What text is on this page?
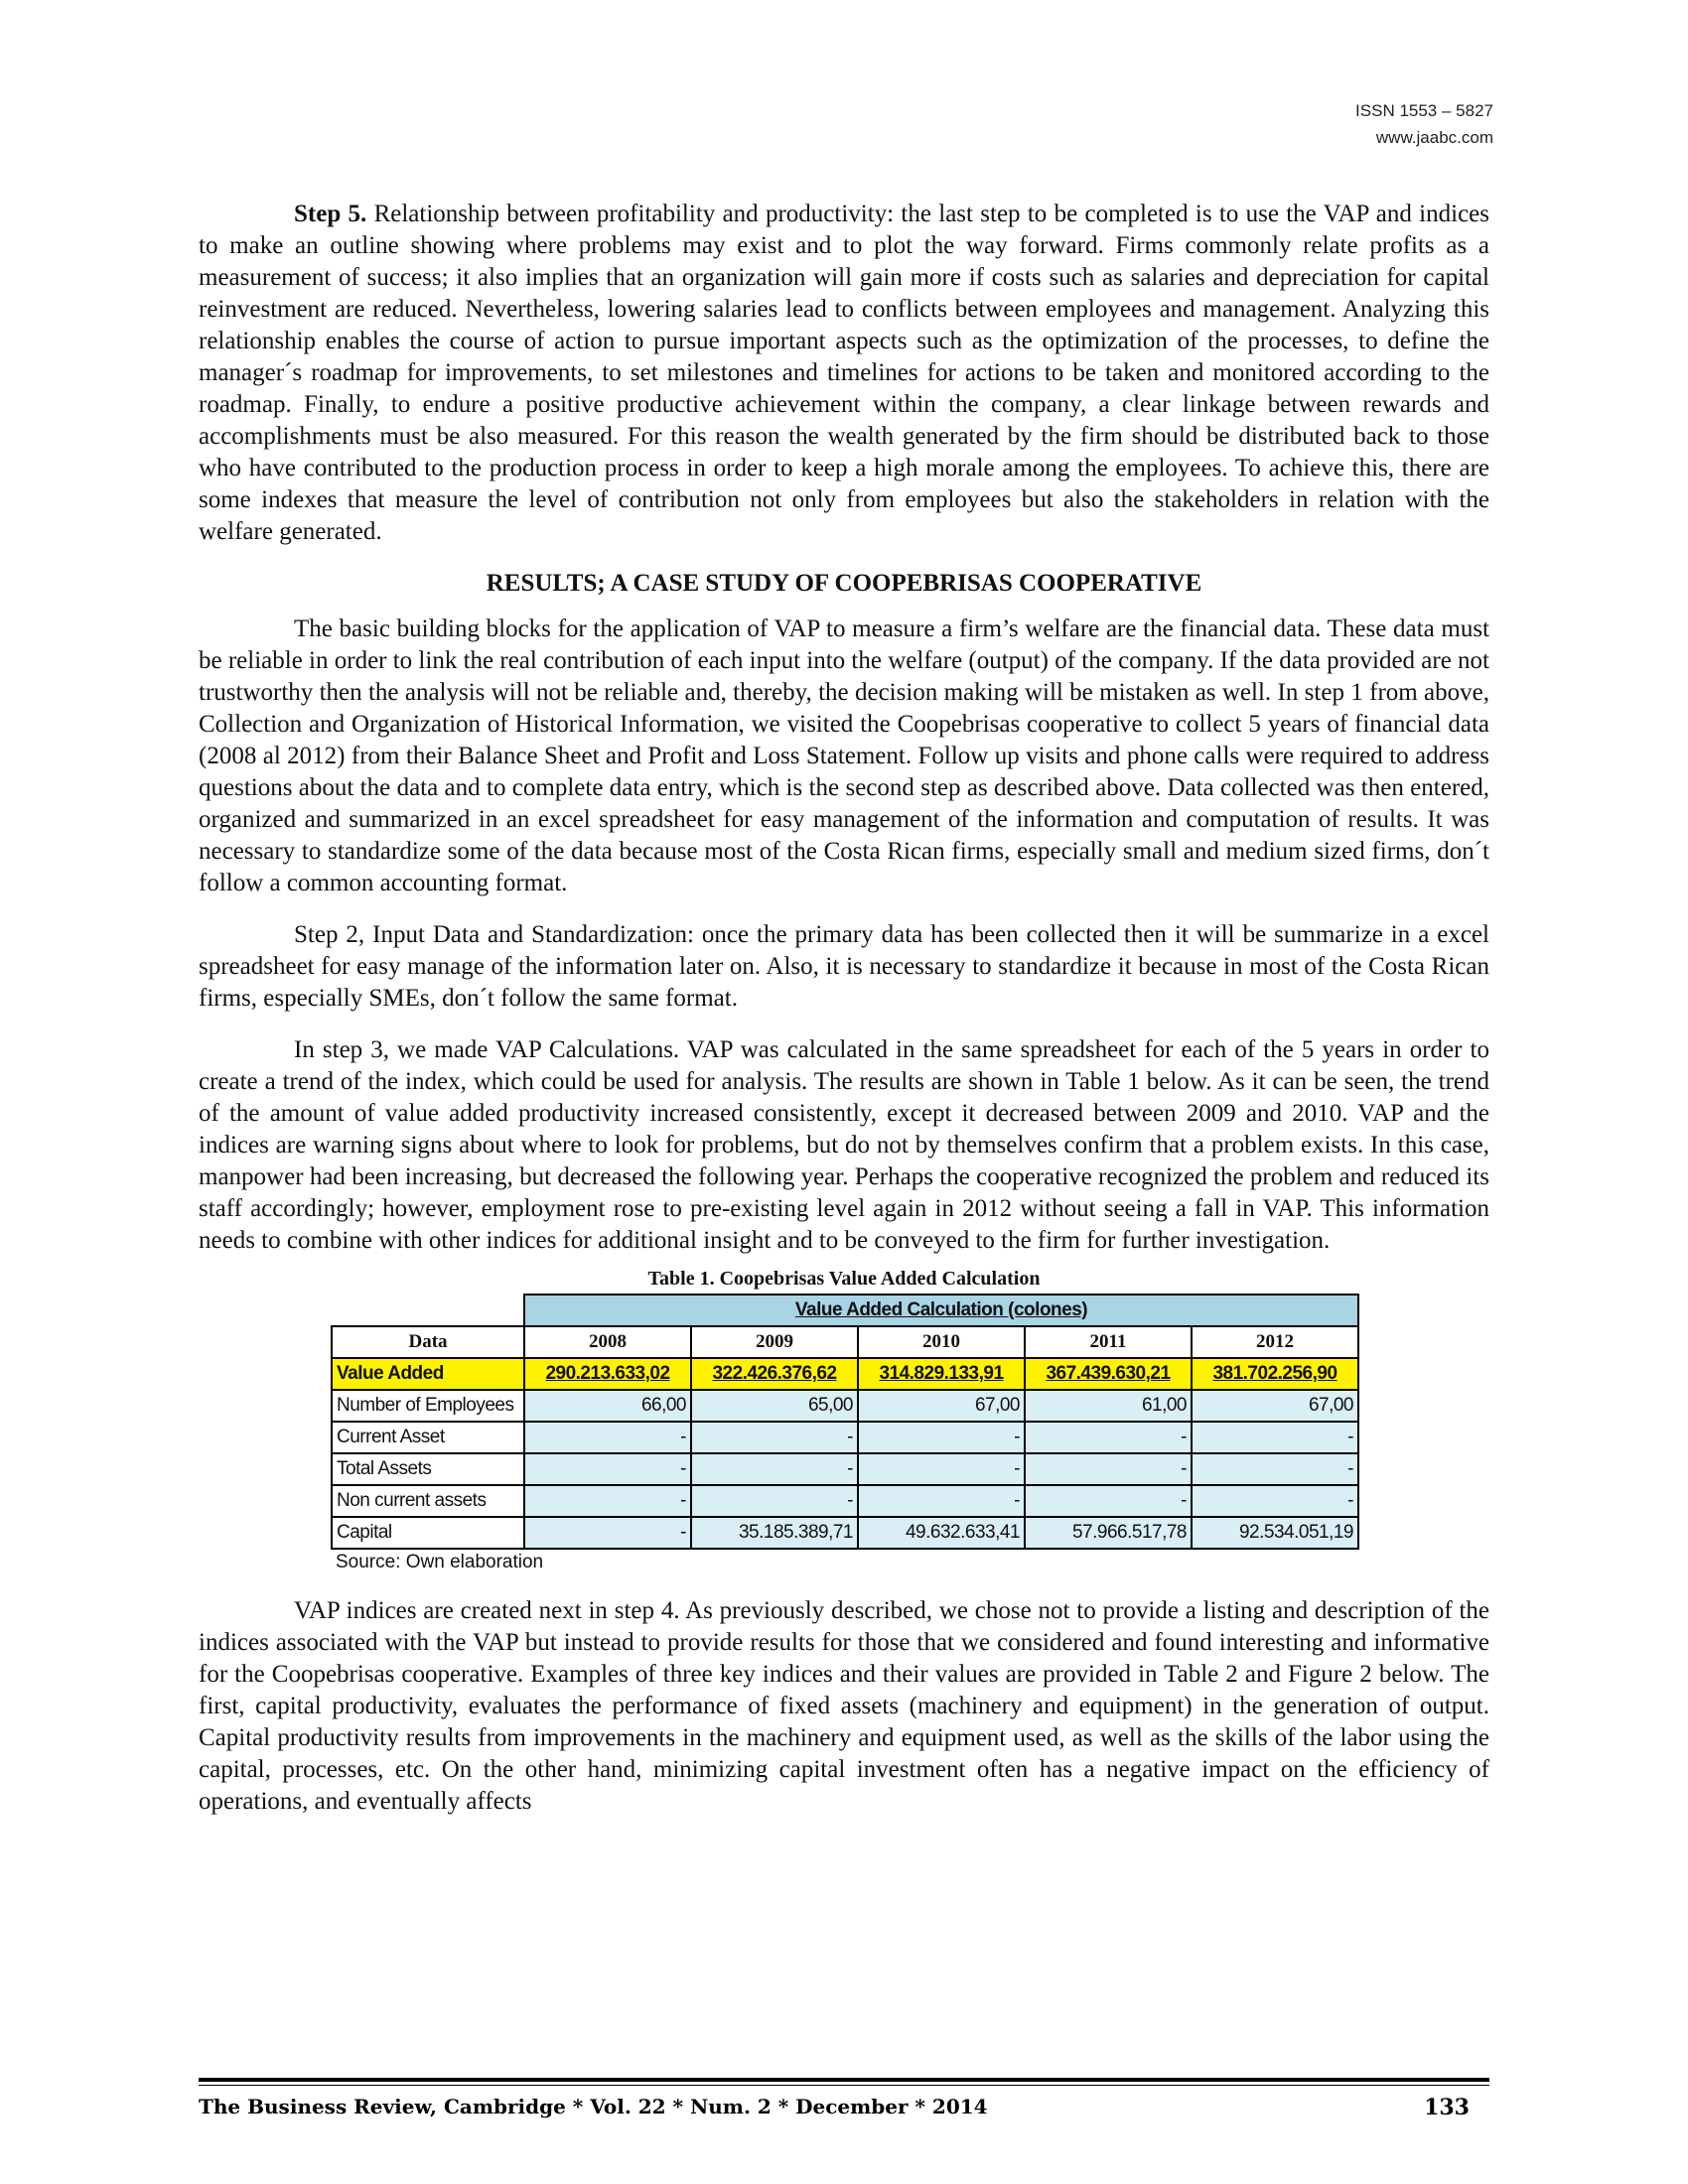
ISSN 1553 – 5827
www.jaabc.com

Step 5. Relationship between profitability and productivity: the last step to be completed is to use the VAP and indices to make an outline showing where problems may exist and to plot the way forward. Firms commonly relate profits as a measurement of success; it also implies that an organization will gain more if costs such as salaries and depreciation for capital reinvestment are reduced. Nevertheless, lowering salaries lead to conflicts between employees and management. Analyzing this relationship enables the course of action to pursue important aspects such as the optimization of the processes, to define the manager´s roadmap for improvements, to set milestones and timelines for actions to be taken and monitored according to the roadmap. Finally, to endure a positive productive achievement within the company, a clear linkage between rewards and accomplishments must be also measured. For this reason the wealth generated by the firm should be distributed back to those who have contributed to the production process in order to keep a high morale among the employees. To achieve this, there are some indexes that measure the level of contribution not only from employees but also the stakeholders in relation with the welfare generated.

RESULTS; A CASE STUDY OF COOPEBRISAS COOPERATIVE

The basic building blocks for the application of VAP to measure a firm’s welfare are the financial data. These data must be reliable in order to link the real contribution of each input into the welfare (output) of the company. If the data provided are not trustworthy then the analysis will not be reliable and, thereby, the decision making will be mistaken as well. In step 1 from above, Collection and Organization of Historical Information, we visited the Coopebrisas cooperative to collect 5 years of financial data (2008 al 2012) from their Balance Sheet and Profit and Loss Statement. Follow up visits and phone calls were required to address questions about the data and to complete data entry, which is the second step as described above. Data collected was then entered, organized and summarized in an excel spreadsheet for easy management of the information and computation of results. It was necessary to standardize some of the data because most of the Costa Rican firms, especially small and medium sized firms, don´t follow a common accounting format.

Step 2, Input Data and Standardization: once the primary data has been collected then it will be summarize in a excel spreadsheet for easy manage of the information later on. Also, it is necessary to standardize it because in most of the Costa Rican firms, especially SMEs, don´t follow the same format.

In step 3, we made VAP Calculations. VAP was calculated in the same spreadsheet for each of the 5 years in order to create a trend of the index, which could be used for analysis. The results are shown in Table 1 below. As it can be seen, the trend of the amount of value added productivity increased consistently, except it decreased between 2009 and 2010. VAP and the indices are warning signs about where to look for problems, but do not by themselves confirm that a problem exists. In this case, manpower had been increasing, but decreased the following year. Perhaps the cooperative recognized the problem and reduced its staff accordingly; however, employment rose to pre-existing level again in 2012 without seeing a fall in VAP. This information needs to combine with other indices for additional insight and to be conveyed to the firm for further investigation.

Table 1. Coopebrisas Value Added Calculation
	Value Added Calculation (colones)				
Data	2008	2009	2010	2011	2012
Value Added	290.213.633,02	322.426.376,62	314.829.133,91	367.439.630,21	381.702.256,90
Number of Employees	66,00	65,00	67,00	61,00	67,00
Current Asset	-	-	-	-	-
Total Assets	-	-	-	-	-
Non current assets	-	-	-	-	-
Capital	-	35.185.389,71	49.632.633,41	57.966.517,78	92.534.051,19
Source: Own elaboration

VAP indices are created next in step 4. As previously described, we chose not to provide a listing and description of the indices associated with the VAP but instead to provide results for those that we considered and found interesting and informative for the Coopebrisas cooperative. Examples of three key indices and their values are provided in Table 2 and Figure 2 below. The first, capital productivity, evaluates the performance of fixed assets (machinery and equipment) in the generation of output. Capital productivity results from improvements in the machinery and equipment used, as well as the skills of the labor using the capital, processes, etc. On the other hand, minimizing capital investment often has a negative impact on the efficiency of operations, and eventually affects

The Business Review, Cambridge * Vol. 22 * Num. 2 * December * 2014	133
